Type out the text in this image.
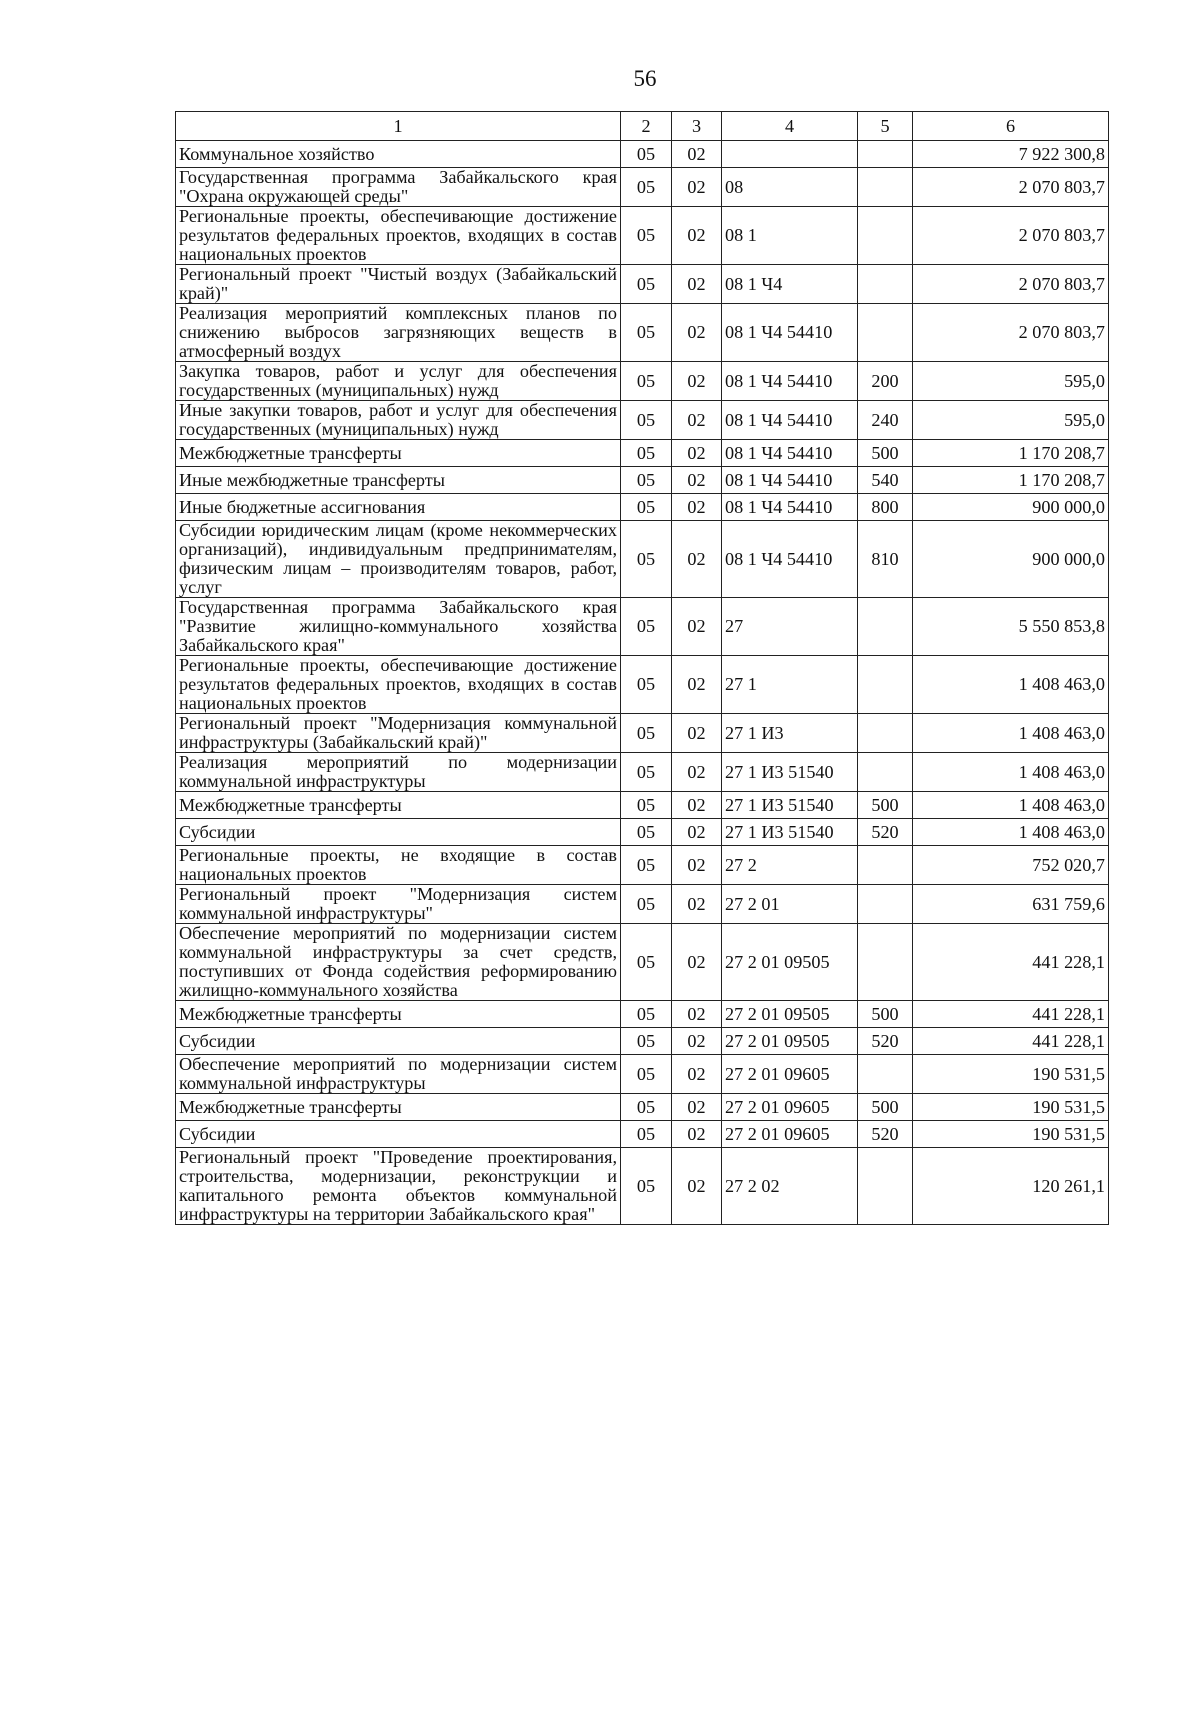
56
1	2	3	4	5	6
Коммунальное хозяйство	05	02			7 922 300,8
Государственная программа Забайкальского края "Охрана окружающей среды"	05	02	08		2 070 803,7
Региональные проекты, обеспечивающие достижение результатов федеральных проектов, входящих в состав национальных проектов	05	02	08 1		2 070 803,7
Региональный проект "Чистый воздух (Забайкальский край)"	05	02	08 1 Ч4		2 070 803,7
Реализация мероприятий комплексных планов по снижению выбросов загрязняющих веществ в атмосферный воздух	05	02	08 1 Ч4 54410		2 070 803,7
Закупка товаров, работ и услуг для обеспечения государственных (муниципальных) нужд	05	02	08 1 Ч4 54410	200	595,0
Иные закупки товаров, работ и услуг для обеспечения государственных (муниципальных) нужд	05	02	08 1 Ч4 54410	240	595,0
Межбюджетные трансферты	05	02	08 1 Ч4 54410	500	1 170 208,7
Иные межбюджетные трансферты	05	02	08 1 Ч4 54410	540	1 170 208,7
Иные бюджетные ассигнования	05	02	08 1 Ч4 54410	800	900 000,0
Субсидии юридическим лицам (кроме некоммерческих организаций), индивидуальным предпринимателям, физическим лицам – производителям товаров, работ, услуг	05	02	08 1 Ч4 54410	810	900 000,0
Государственная программа Забайкальского края "Развитие жилищно-коммунального хозяйства Забайкальского края"	05	02	27		5 550 853,8
Региональные проекты, обеспечивающие достижение результатов федеральных проектов, входящих в состав национальных проектов	05	02	27 1		1 408 463,0
Региональный проект "Модернизация коммунальной инфраструктуры (Забайкальский край)"	05	02	27 1 И3		1 408 463,0
Реализация мероприятий по модернизации коммунальной инфраструктуры	05	02	27 1 И3 51540		1 408 463,0
Межбюджетные трансферты	05	02	27 1 И3 51540	500	1 408 463,0
Субсидии	05	02	27 1 И3 51540	520	1 408 463,0
Региональные проекты, не входящие в состав национальных проектов	05	02	27 2		752 020,7
Региональный проект "Модернизация систем коммунальной инфраструктуры"	05	02	27 2 01		631 759,6
Обеспечение мероприятий по модернизации систем коммунальной инфраструктуры за счет средств, поступивших от Фонда содействия реформированию жилищно-коммунального хозяйства	05	02	27 2 01 09505		441 228,1
Межбюджетные трансферты	05	02	27 2 01 09505	500	441 228,1
Субсидии	05	02	27 2 01 09505	520	441 228,1
Обеспечение мероприятий по модернизации систем коммунальной инфраструктуры	05	02	27 2 01 09605		190 531,5
Межбюджетные трансферты	05	02	27 2 01 09605	500	190 531,5
Субсидии	05	02	27 2 01 09605	520	190 531,5
Региональный проект "Проведение проектирования, строительства, модернизации, реконструкции и капитального ремонта объектов коммунальной инфраструктуры на территории Забайкальского края"	05	02	27 2 02		120 261,1
